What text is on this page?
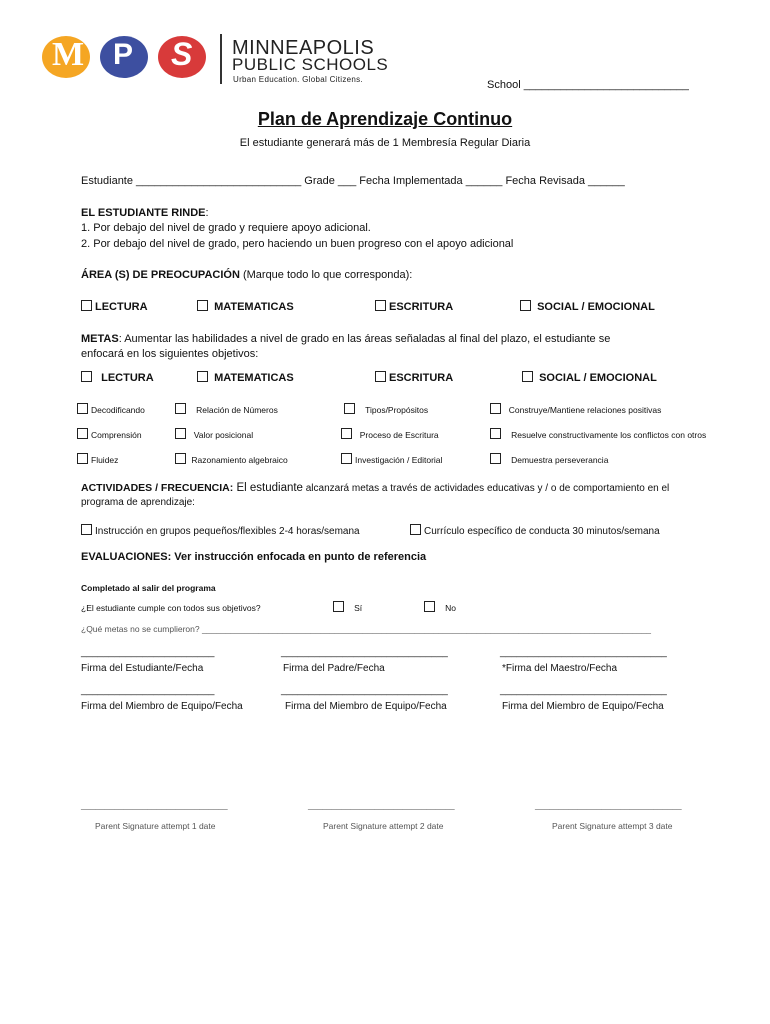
M P S MINNEAPOLIS
PUBLIC SCHOOLS
Urban Education. Global Citizens.	School ___________________________
Plan de Aprendizaje Continuo
El estudiante generará más de 1 Membresía Regular Diaria
Estudiante ___________________________ Grade ___ Fecha Implementada ______ Fecha Revisada ______
EL ESTUDIANTE RINDE:
1. Por debajo del nivel de grado y requiere apoyo adicional.
2. Por debajo del nivel de grado, pero haciendo un buen progreso con el apoyo adicional
ÁREA (S) DE PREOCUPACIÓN (Marque todo lo que corresponda):
LECTURA	MATEMATICAS	ESCRITURA	SOCIAL / EMOCIONAL
METAS: Aumentar las habilidades a nivel de grado en las áreas señaladas al final del plazo, el estudiante se
enfocará en los siguientes objetivos:
LECTURA	MATEMATICAS	ESCRITURA	SOCIAL / EMOCIONAL
Decodificando	Relación de Números	Tipos/Propósitos	Construye/Mantiene relaciones positivas
Comprensión	Valor posicional	Proceso de Escritura	Resuelve constructivamente los conflictos con otros
Fluidez	Razonamiento algebraico	Investigación / Editorial	Demuestra perseverancia
ACTIVIDADES / FRECUENCIA: El estudiante alcanzará metas a través de actividades educativas y / o de comportamiento en el
programa de aprendizaje:
Instrucción en grupos pequeños/flexibles 2-4 horas/semana	Currículo específico de conducta 30 minutos/semana
EVALUACIONES: Ver instrucción enfocada en punto de referencia
Completado al salir del programa
¿El estudiante cumple con todos sus objetivos?	Sí	No
¿Qué metas no se cumplieron? _______________________________________________________________________________________________
________________________	______________________________	______________________________
Firma del Estudiante/Fecha	Firma del Padre/Fecha	*Firma del Maestro/Fecha
________________________	______________________________	______________________________
Firma del Miembro de Equipo/Fecha	Firma del Miembro de Equipo/Fecha	Firma del Miembro de Equipo/Fecha
_______________________________	_______________________________	_______________________________
Parent Signature attempt 1 date	Parent Signature attempt 2 date	Parent Signature attempt 3 date
